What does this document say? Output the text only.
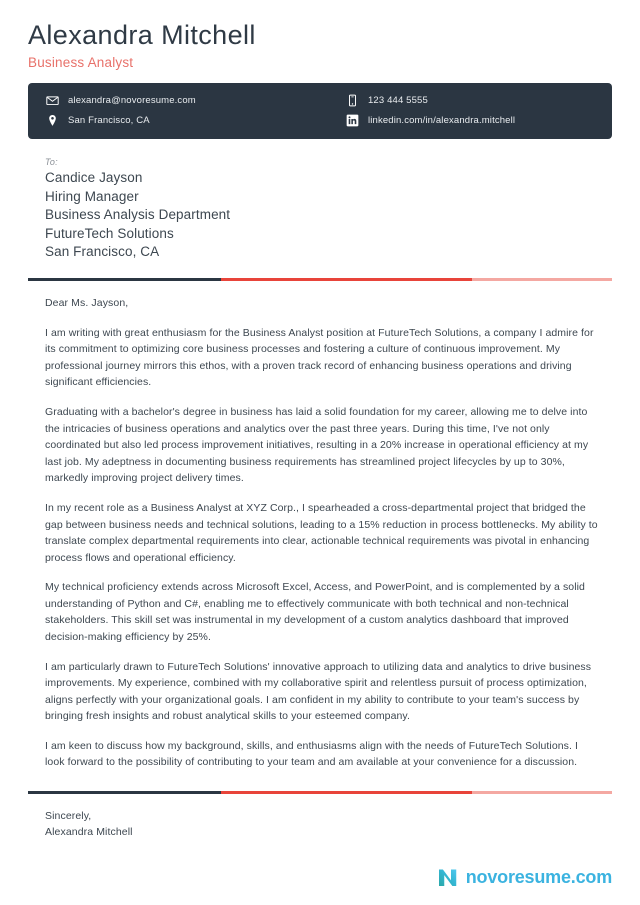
Alexandra Mitchell
Business Analyst
alexandra@novoresume.com
San Francisco, CA
123 444 5555
linkedin.com/in/alexandra.mitchell
To:
Candice Jayson
Hiring Manager
Business Analysis Department
FutureTech Solutions
San Francisco, CA
Dear Ms. Jayson,

I am writing with great enthusiasm for the Business Analyst position at FutureTech Solutions, a company I admire for its commitment to optimizing core business processes and fostering a culture of continuous improvement. My professional journey mirrors this ethos, with a proven track record of enhancing business operations and driving significant efficiencies.

Graduating with a bachelor's degree in business has laid a solid foundation for my career, allowing me to delve into the intricacies of business operations and analytics over the past three years. During this time, I've not only coordinated but also led process improvement initiatives, resulting in a 20% increase in operational efficiency at my last job. My adeptness in documenting business requirements has streamlined project lifecycles by up to 30%, markedly improving project delivery times.

In my recent role as a Business Analyst at XYZ Corp., I spearheaded a cross-departmental project that bridged the gap between business needs and technical solutions, leading to a 15% reduction in process bottlenecks. My ability to translate complex departmental requirements into clear, actionable technical requirements was pivotal in enhancing process flows and operational efficiency.

My technical proficiency extends across Microsoft Excel, Access, and PowerPoint, and is complemented by a solid understanding of Python and C#, enabling me to effectively communicate with both technical and non-technical stakeholders. This skill set was instrumental in my development of a custom analytics dashboard that improved decision-making efficiency by 25%.

I am particularly drawn to FutureTech Solutions' innovative approach to utilizing data and analytics to drive business improvements. My experience, combined with my collaborative spirit and relentless pursuit of process optimization, aligns perfectly with your organizational goals. I am confident in my ability to contribute to your team's success by bringing fresh insights and robust analytical skills to your esteemed company.

I am keen to discuss how my background, skills, and enthusiasms align with the needs of FutureTech Solutions. I look forward to the possibility of contributing to your team and am available at your convenience for a discussion.

Sincerely,
Alexandra Mitchell
novoresume.com
